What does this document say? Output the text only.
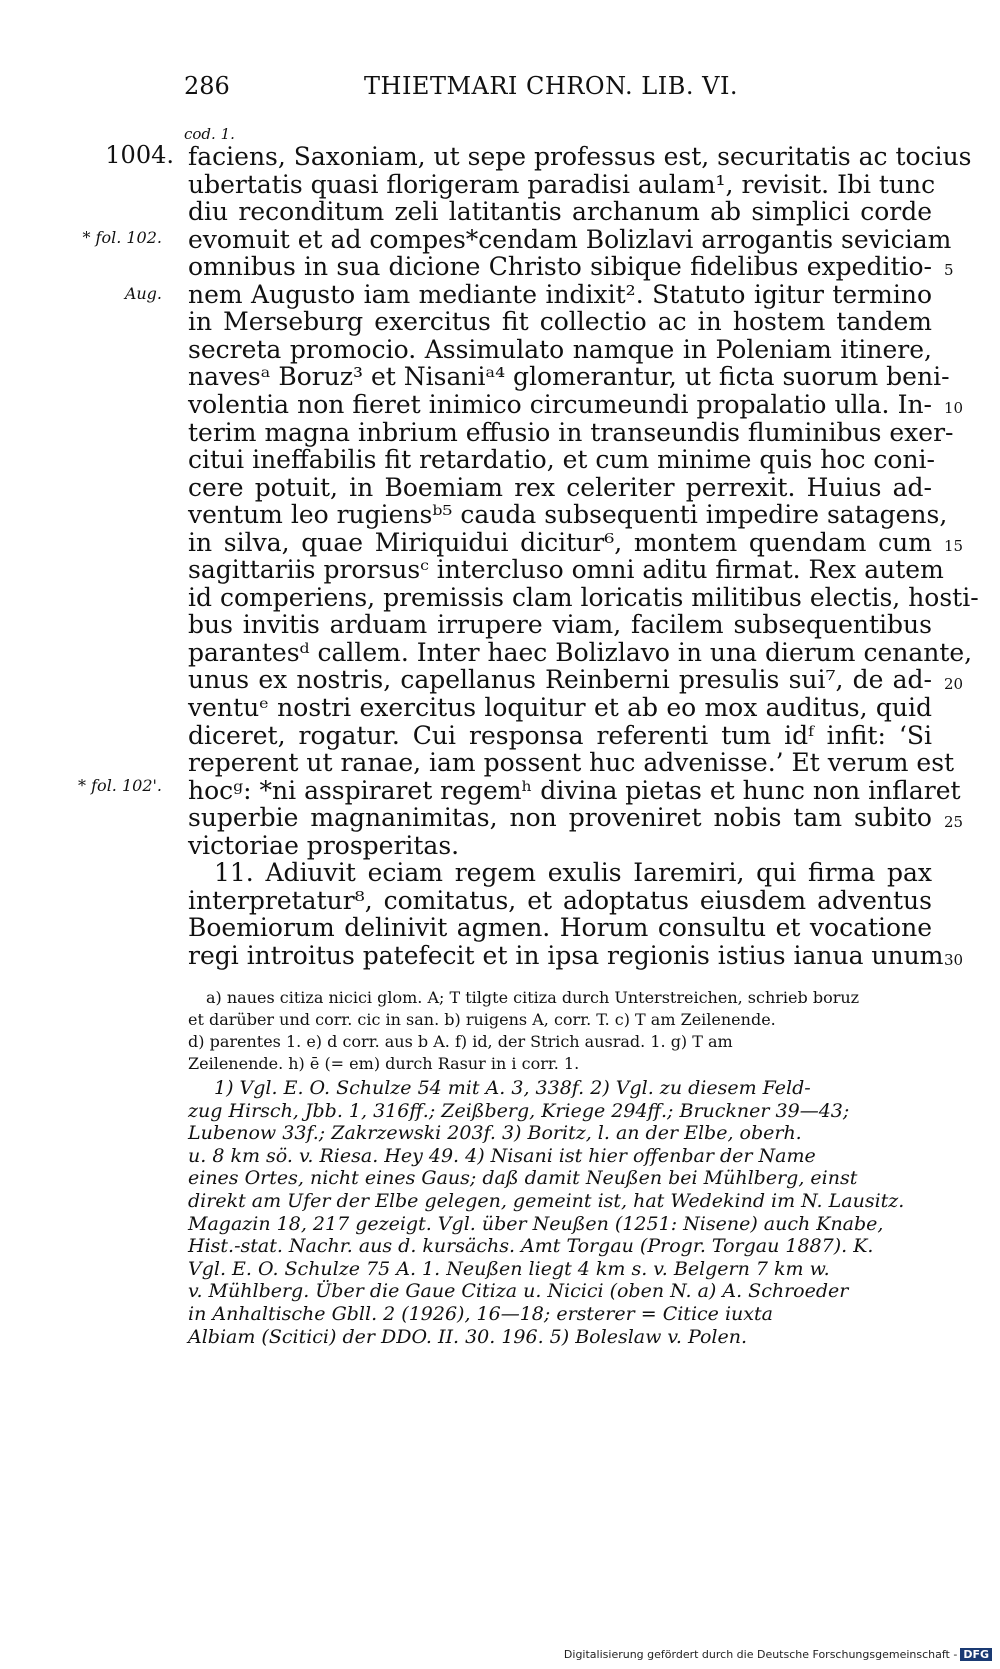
286	THIETMARI CHRON. LIB. VI.
cod. 1.
1004.
* fol. 102.
Aug.
* fol. 102'.
5
10
15
20
25
30
faciens, Saxoniam, ut sepe professus est, securitatis ac tocius
ubertatis quasi florigeram paradisi aulam¹, revisit. Ibi tunc
diu reconditum zeli latitantis archanum ab simplici corde
evomuit et ad compes*cendam Bolizlavi arrogantis seviciam
omnibus in sua dicione Christo sibique fidelibus expeditio-
nem Augusto iam mediante indixit². Statuto igitur termino
in Merseburg exercitus fit collectio ac in hostem tandem
secreta promocio. Assimulato namque in Poleniam itinere,
navesᵃ Boruz³ et Nisaniᵃ⁴ glomerantur, ut ficta suorum beni-
volentia non fieret inimico circumeundi propalatio ulla. In-
terim magna inbrium effusio in transeundis fluminibus exer-
citui ineffabilis fit retardatio, et cum minime quis hoc coni-
cere potuit, in Boemiam rex celeriter perrexit. Huius ad-
ventum leo rugiensᵇ⁵ cauda subsequenti impedire satagens,
in silva, quae Miriquidui dicitur⁶, montem quendam cum
sagittariis prorsusᶜ intercluso omni aditu firmat. Rex autem
id comperiens, premissis clam loricatis militibus electis, hosti-
bus invitis arduam irrupere viam, facilem subsequentibus
parantesᵈ callem. Inter haec Bolizlavo in una dierum cenante,
unus ex nostris, capellanus Reinberni presulis sui⁷, de ad-
ventuᵉ nostri exercitus loquitur et ab eo mox auditus, quid
diceret, rogatur. Cui responsa referenti tum idᶠ infit: ‘Si
reperent ut ranae, iam possent huc advenisse.’ Et verum est
hocᵍ: *ni asspiraret regemʰ divina pietas et hunc non inflaret
superbie magnanimitas, non proveniret nobis tam subito
victoriae prosperitas.
11. Adiuvit eciam regem exulis Iaremiri, qui firma pax
interpretatur⁸, comitatus, et adoptatus eiusdem adventus
Boemiorum delinivit agmen. Horum consultu et vocatione
regi introitus patefecit et in ipsa regionis istius ianua unum
a) naues citiza nicici glom. A; T tilgte citiza durch Unterstreichen, schrieb boruz
et darüber und corr. cic in san. b) ruigens A, corr. T. c) T am Zeilenende.
d) parentes 1. e) d corr. aus b A. f) id, der Strich ausrad. 1. g) T am
Zeilenende. h) ē (= em) durch Rasur in i corr. 1.
1) Vgl. E. O. Schulze 54 mit A. 3, 338f. 2) Vgl. zu diesem Feld-
zug Hirsch, Jbb. 1, 316ff.; Zeißberg, Kriege 294ff.; Bruckner 39—43;
Lubenow 33f.; Zakrzewski 203f. 3) Boritz, l. an der Elbe, oberh.
u. 8 km sö. v. Riesa. Hey 49. 4) Nisani ist hier offenbar der Name
eines Ortes, nicht eines Gaus; daß damit Neußen bei Mühlberg, einst
direkt am Ufer der Elbe gelegen, gemeint ist, hat Wedekind im N. Lausitz.
Magazin 18, 217 gezeigt. Vgl. über Neußen (1251: Nisene) auch Knabe,
Hist.-stat. Nachr. aus d. kursächs. Amt Torgau (Progr. Torgau 1887). K.
Vgl. E. O. Schulze 75 A. 1. Neußen liegt 4 km s. v. Belgern 7 km w.
v. Mühlberg. Über die Gaue Citiza u. Nicici (oben N. a) A. Schroeder
in Anhaltische Gbll. 2 (1926), 16—18; ersterer = Citice iuxta
Albiam (Scitici) der DDO. II. 30. 196. 5) Boleslaw v. Polen.
Digitalisierung gefördert durch die Deutsche Forschungsgemeinschaft - DFG
